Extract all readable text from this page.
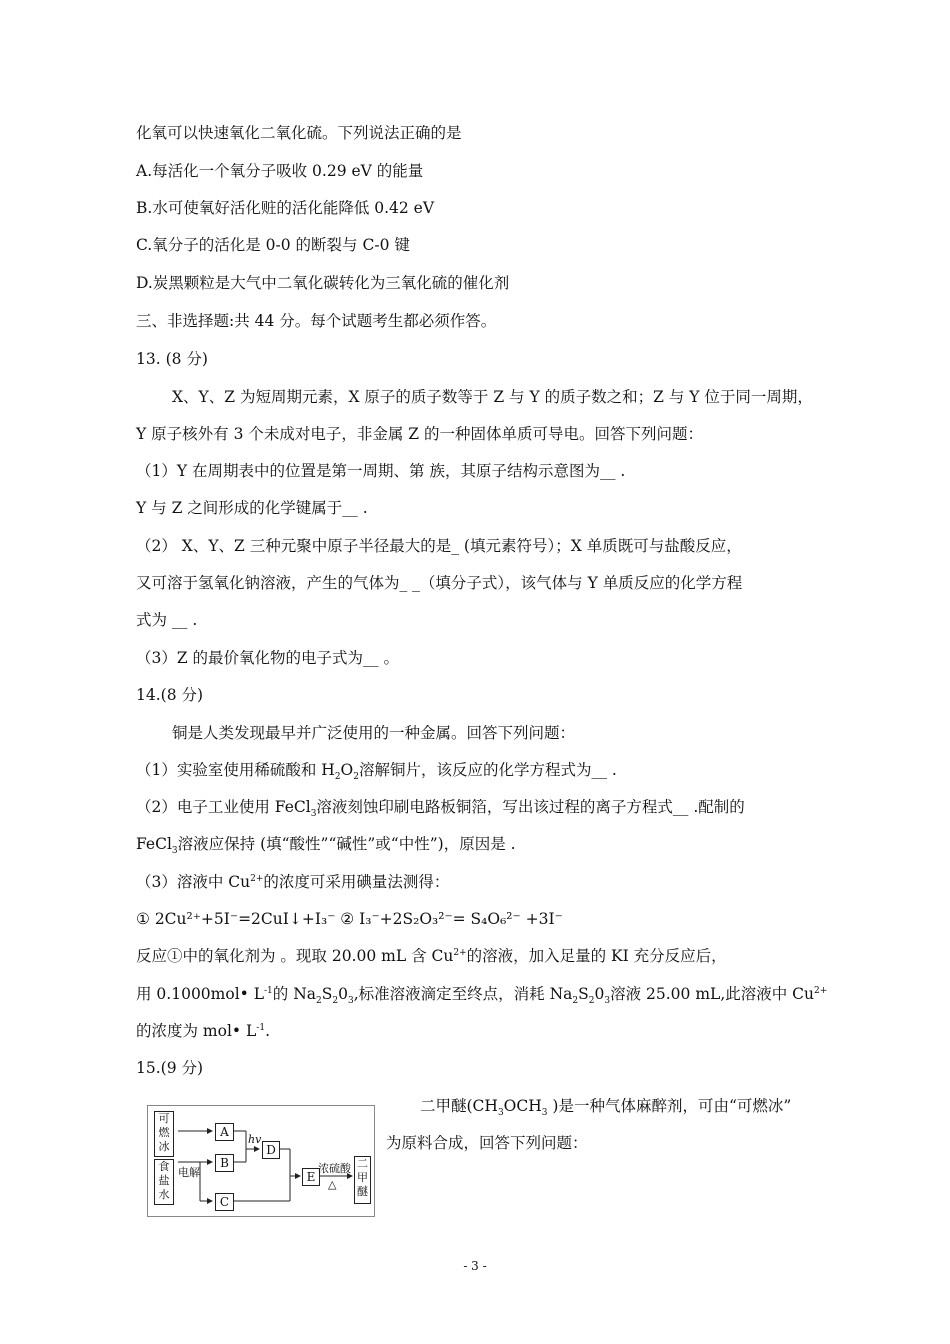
化氧可以快速氧化二氧化硫。下列说法正确的是
A.每活化一个氧分子吸收 0.29 eV 的能量
B.水可使氧好活化赃的活化能降低 0.42 eV
C.氧分子的活化是 0-0 的断裂与 C-0 键
D.炭黑颗粒是大气中二氧化碳转化为三氧化硫的催化剂
三、非选择题:共 44 分。每个试题考生都必须作答。
13. (8 分)
X、Y、Z 为短周期元素，X 原子的质子数等于 Z 与 Y 的质子数之和；Z 与 Y 位于同一周期，
Y 原子核外有 3 个未成对电子，非金属 Z 的一种固体单质可导电。回答下列问题：
（1）Y 在周期表中的位置是第一周期、第 族，其原子结构示意图为__ .
Y 与 Z 之间形成的化学键属于__ .
（2） X、Y、Z 三种元聚中原子半径最大的是_ (填元素符号）；X 单质既可与盐酸反应，
又可溶于氢氧化钠溶液，产生的气体为_ _（填分子式），该气体与 Y 单质反应的化学方程
式为 __ .
（3）Z 的最价氧化物的电子式为__ 。
14.(8 分)
铜是人类发现最早并广泛使用的一种金属。回答下列问题：
（1）实验室使用稀硫酸和 $H_2O_2$溶解铜片，该反应的化学方程式为__ .
（2）电子工业使用 FeCl$_3$溶液刻蚀印刷电路板铜箔，写出该过程的离子方程式__ .配制的
FeCl$_3$溶液应保持 (填“酸性”“碱性”或“中性”)，原因是 .
（3）溶液中 $Cu^{2+}$的浓度可采用碘量法测得：
① 2Cu²⁺+5I⁻=2CuI↓+I₃⁻ ② I₃⁻+2S₂O₃²⁻= S₄O₆²⁻ +3I⁻
反应①中的氧化剂为 。现取 20.00 mL 含 $Cu^{2+}$的溶液，加入足量的 KI 充分反应后，
用 0.1000mol• $L^{-1}$的 $Na_2S_20_3$,标准溶液滴定至终点，消耗 $Na_2S_20_3$溶液 25.00 mL,此溶液中 $Cu^{2+}$
的浓度为 mol• $L^{-1}$.
15.(9 分)
二甲醚($CH_3OCH_3$ )是一种气体麻醉剂，可由“可燃冰”
为原料合成，回答下列问题：
可燃冰
食盐水
A
B
C
D
E
二甲醚
hv
电解	浓硫酸
△
- 3 -
